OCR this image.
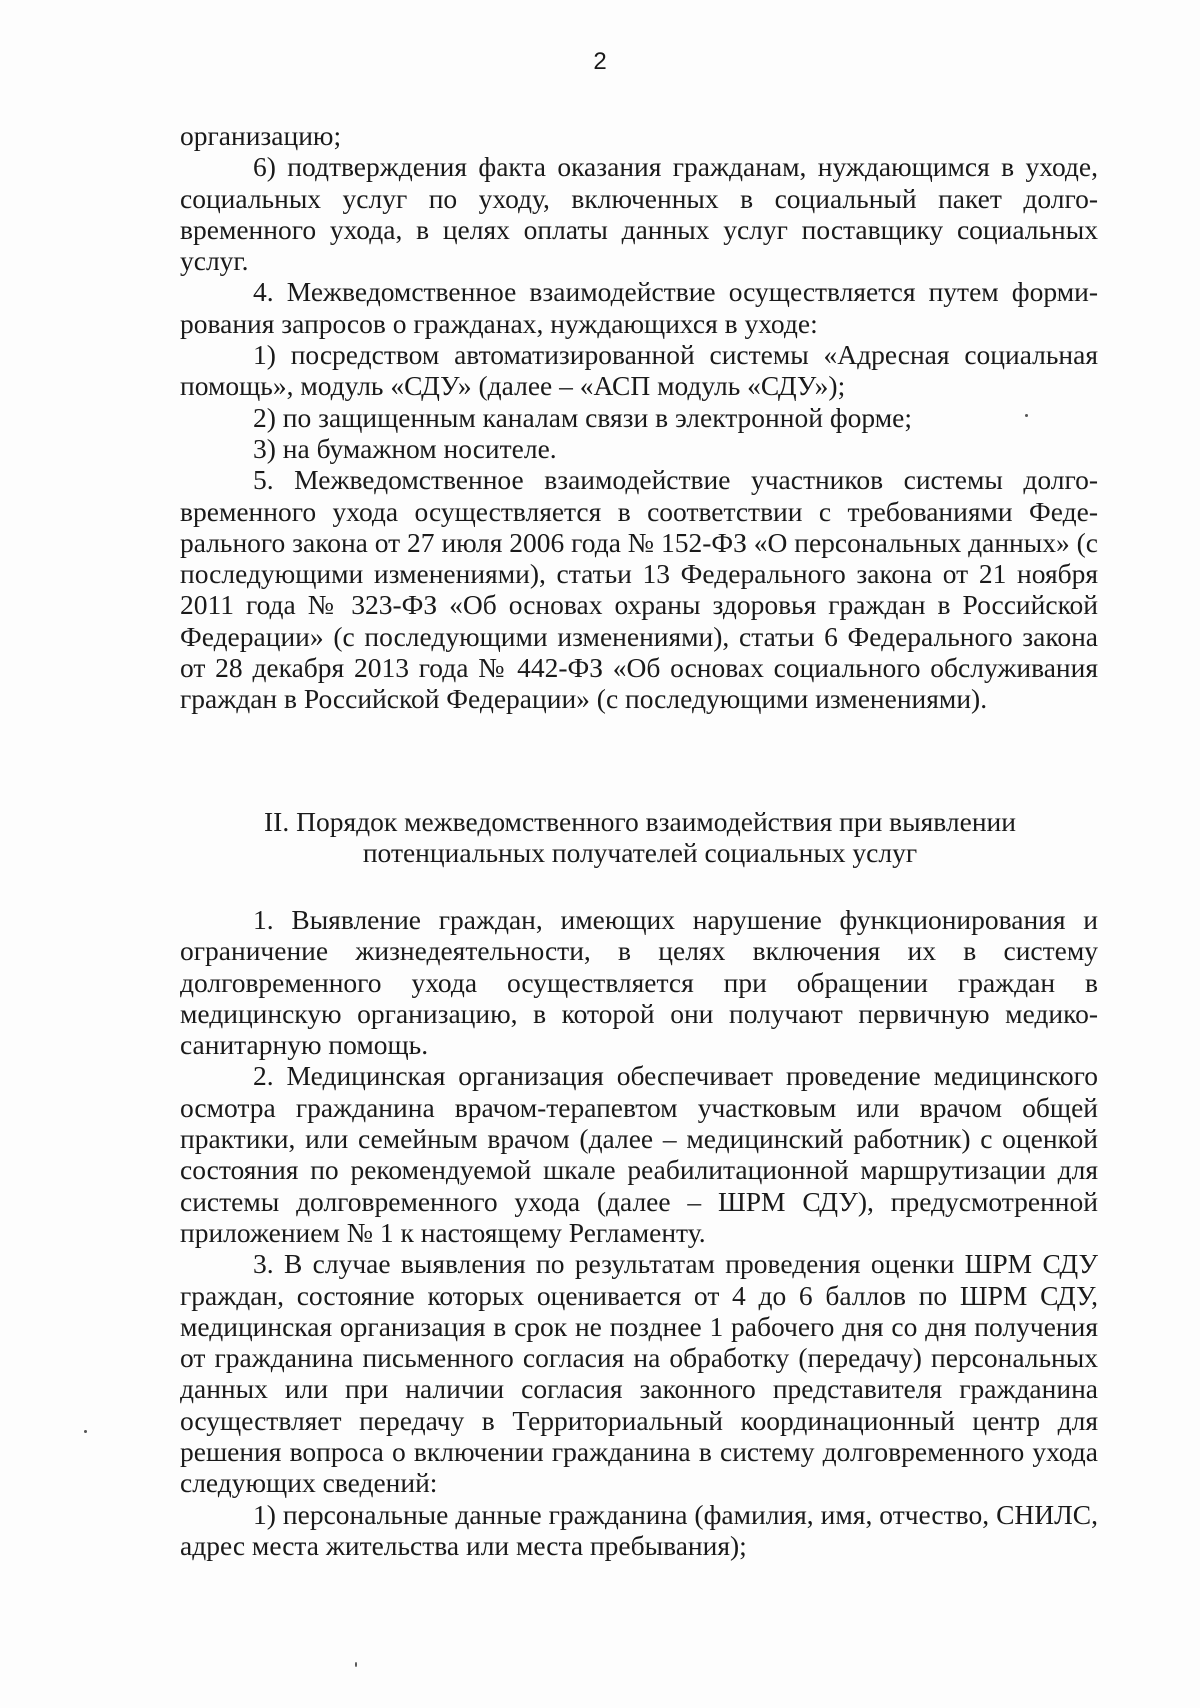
2

организацию;

6) подтверждения факта оказания гражданам, нуждающимся в уходе, социальных услуг по уходу, включенных в социальный пакет долговременного ухода, в целях оплаты данных услуг поставщику социальных услуг.

4. Межведомственное взаимодействие осуществляется путем формирования запросов о гражданах, нуждающихся в уходе:

1) посредством автоматизированной системы «Адресная социальная помощь», модуль «СДУ» (далее – «АСП модуль «СДУ»);

2) по защищенным каналам связи в электронной форме;

3) на бумажном носителе.

5. Межведомственное взаимодействие участников системы долговременного ухода осуществляется в соответствии с требованиями Федерального закона от 27 июля 2006 года № 152-ФЗ «О персональных данных» (с последующими изменениями), статьи 13 Федерального закона от 21 ноября 2011 года № 323-ФЗ «Об основах охраны здоровья граждан в Российской Федерации» (с последующими изменениями), статьи 6 Федерального закона от 28 декабря 2013 года № 442-ФЗ «Об основах социального обслуживания граждан в Российской Федерации» (с последующими изменениями).

II. Порядок межведомственного взаимодействия при выявлении
потенциальных получателей социальных услуг

1. Выявление граждан, имеющих нарушение функционирования и ограничение жизнедеятельности, в целях включения их в систему долговременного ухода осуществляется при обращении граждан в медицинскую организацию, в которой они получают первичную медико-санитарную помощь.

2. Медицинская организация обеспечивает проведение медицинского осмотра гражданина врачом-терапевтом участковым или врачом общей практики, или семейным врачом (далее – медицинский работник) с оценкой состояния по рекомендуемой шкале реабилитационной маршрутизации для системы долговременного ухода (далее – ШРМ СДУ), предусмотренной приложением № 1 к настоящему Регламенту.

3. В случае выявления по результатам проведения оценки ШРМ СДУ граждан, состояние которых оценивается от 4 до 6 баллов по ШРМ СДУ, медицинская организация в срок не позднее 1 рабочего дня со дня получения от гражданина письменного согласия на обработку (передачу) персональных данных или при наличии согласия законного представителя гражданина осуществляет передачу в Территориальный координационный центр для решения вопроса о включении гражданина в систему долговременного ухода следующих сведений:

1) персональные данные гражданина (фамилия, имя, отчество, СНИЛС, адрес места жительства или места пребывания);
